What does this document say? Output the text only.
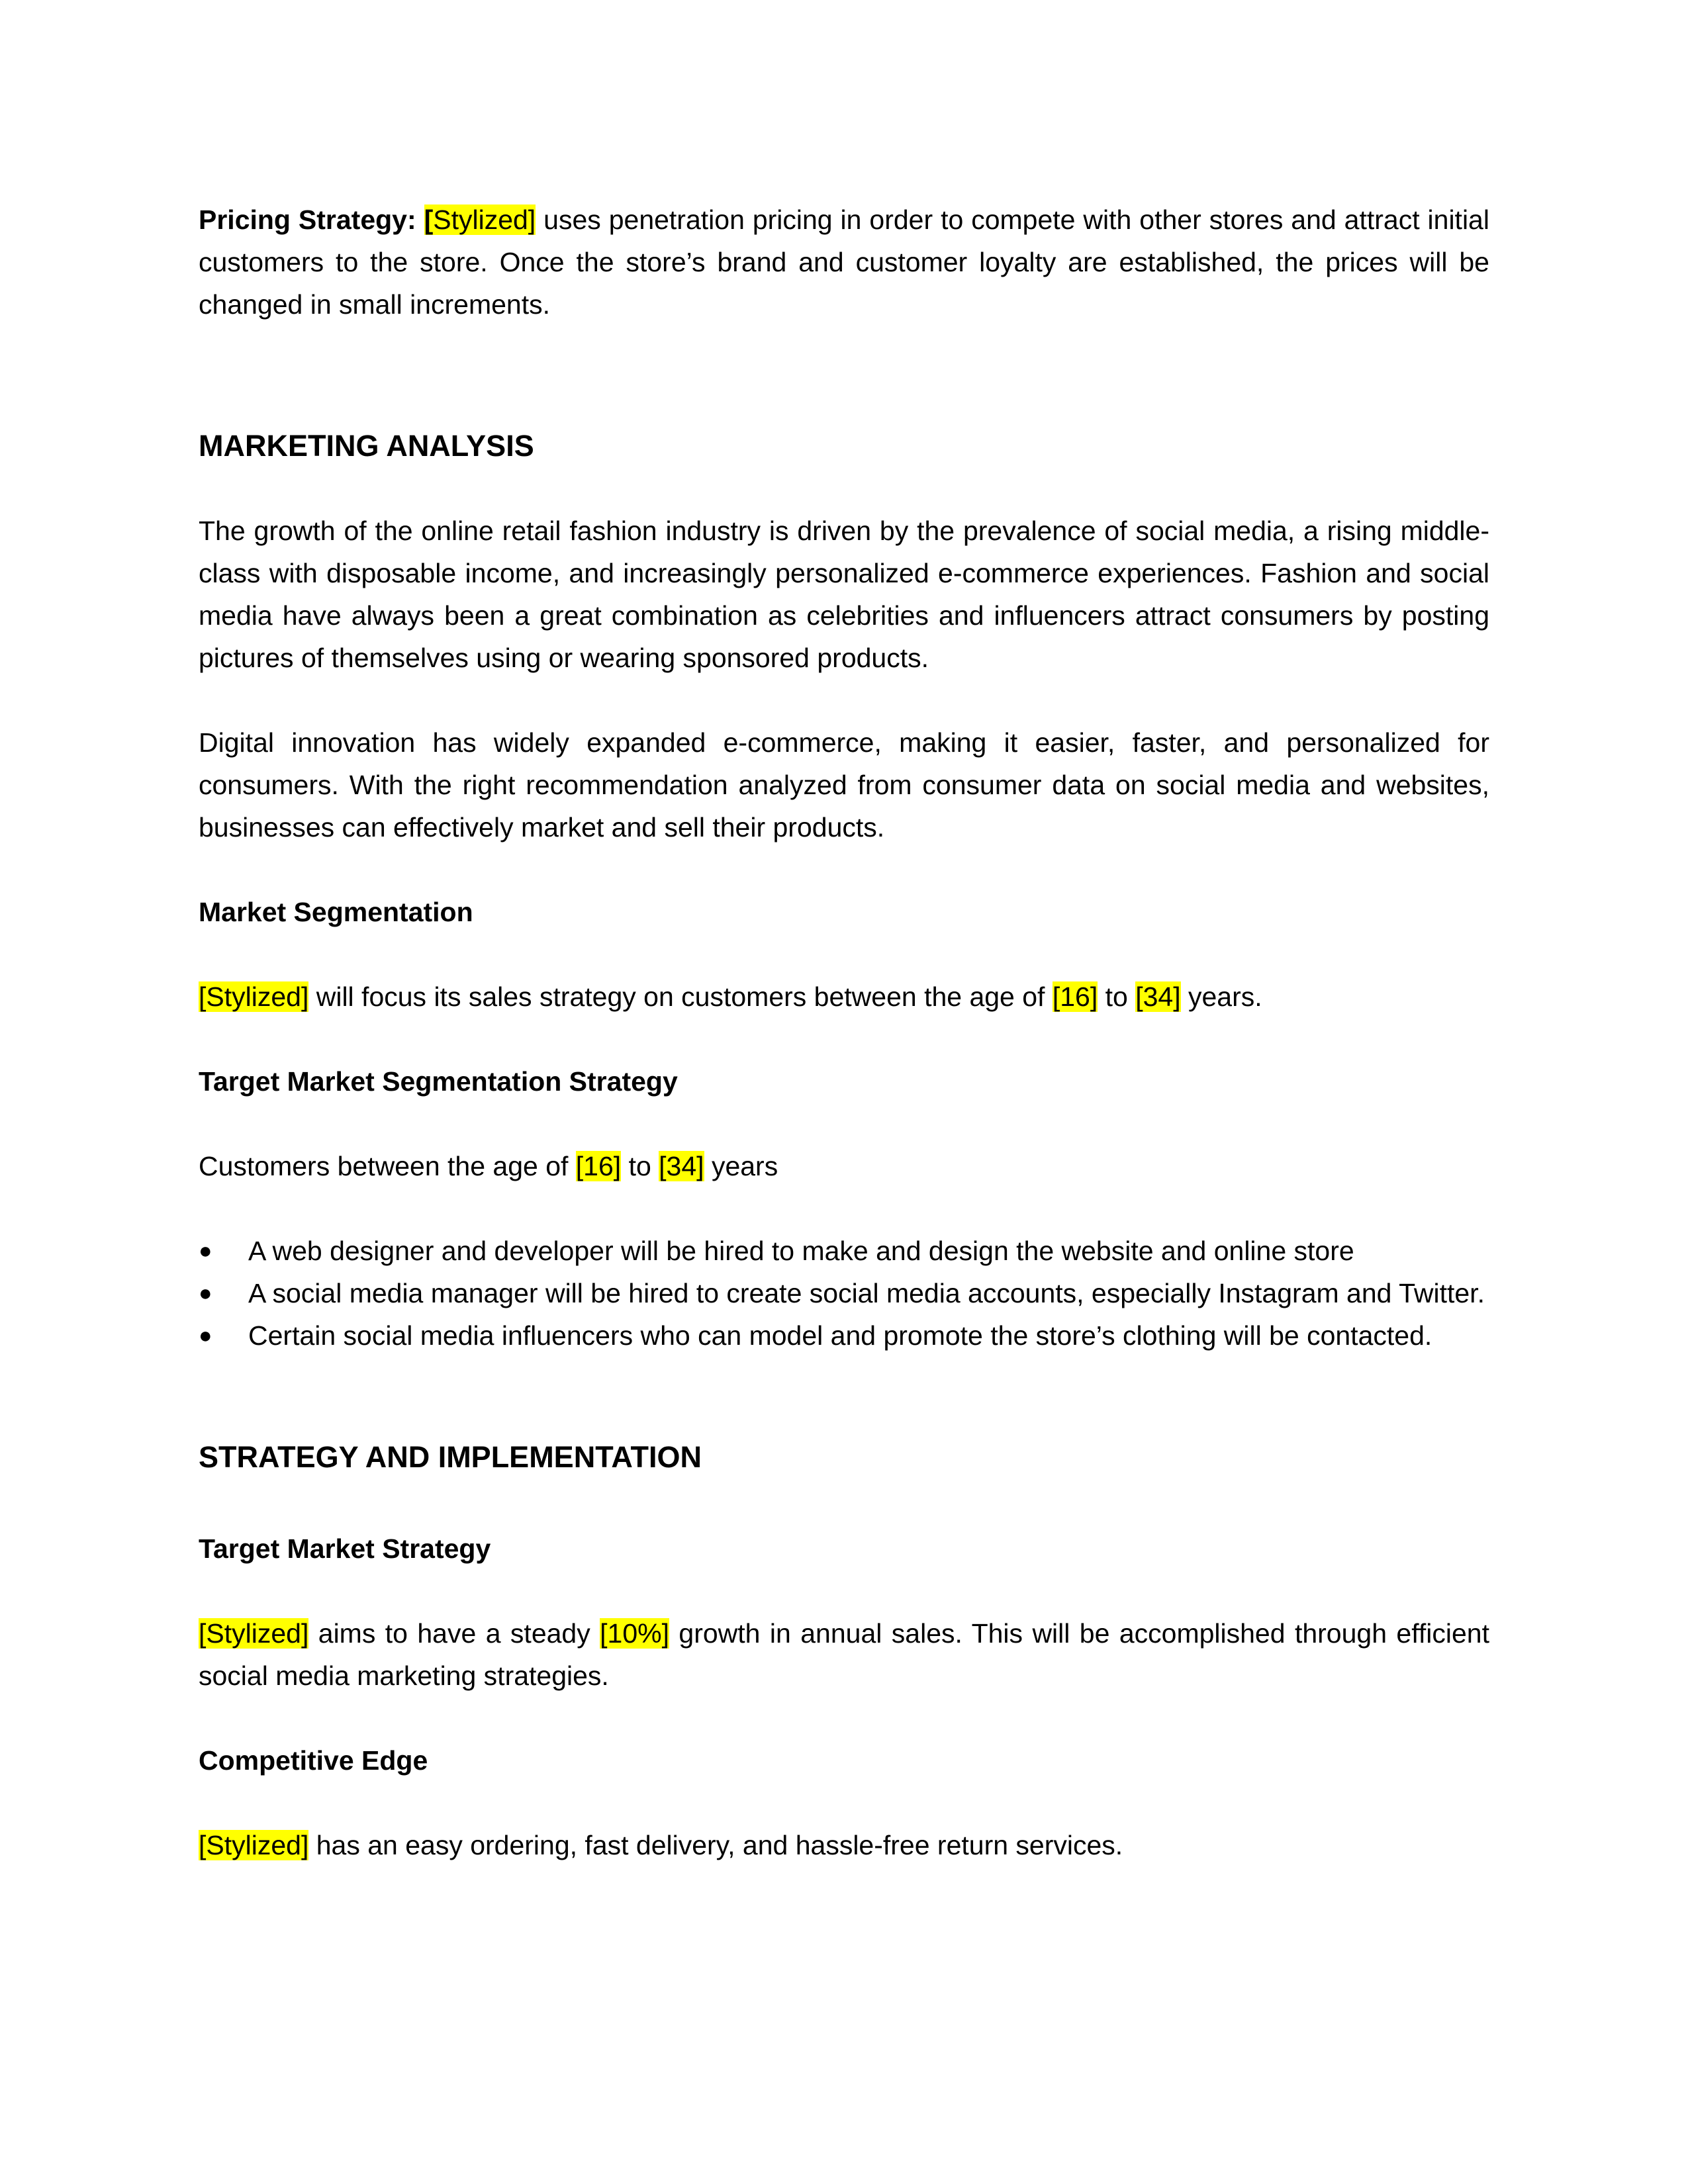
Pricing Strategy: [Stylized] uses penetration pricing in order to compete with other stores and attract initial customers to the store. Once the store’s brand and customer loyalty are established, the prices will be changed in small increments.

MARKETING ANALYSIS

The growth of the online retail fashion industry is driven by the prevalence of social media, a rising middle-class with disposable income, and increasingly personalized e-commerce experiences. Fashion and social media have always been a great combination as celebrities and influencers attract consumers by posting pictures of themselves using or wearing sponsored products.

Digital innovation has widely expanded e-commerce, making it easier, faster, and personalized for consumers. With the right recommendation analyzed from consumer data on social media and websites, businesses can effectively market and sell their products.

Market Segmentation

[Stylized] will focus its sales strategy on customers between the age of [16] to [34] years.

Target Market Segmentation Strategy

Customers between the age of [16] to [34] years

● A web designer and developer will be hired to make and design the website and online store
● A social media manager will be hired to create social media accounts, especially Instagram and Twitter.
● Certain social media influencers who can model and promote the store’s clothing will be contacted.
STRATEGY AND IMPLEMENTATION
Target Market Strategy

[Stylized] aims to have a steady [10%] growth in annual sales. This will be accomplished through efficient social media marketing strategies.

Competitive Edge

[Stylized] has an easy ordering, fast delivery, and hassle-free return services.
